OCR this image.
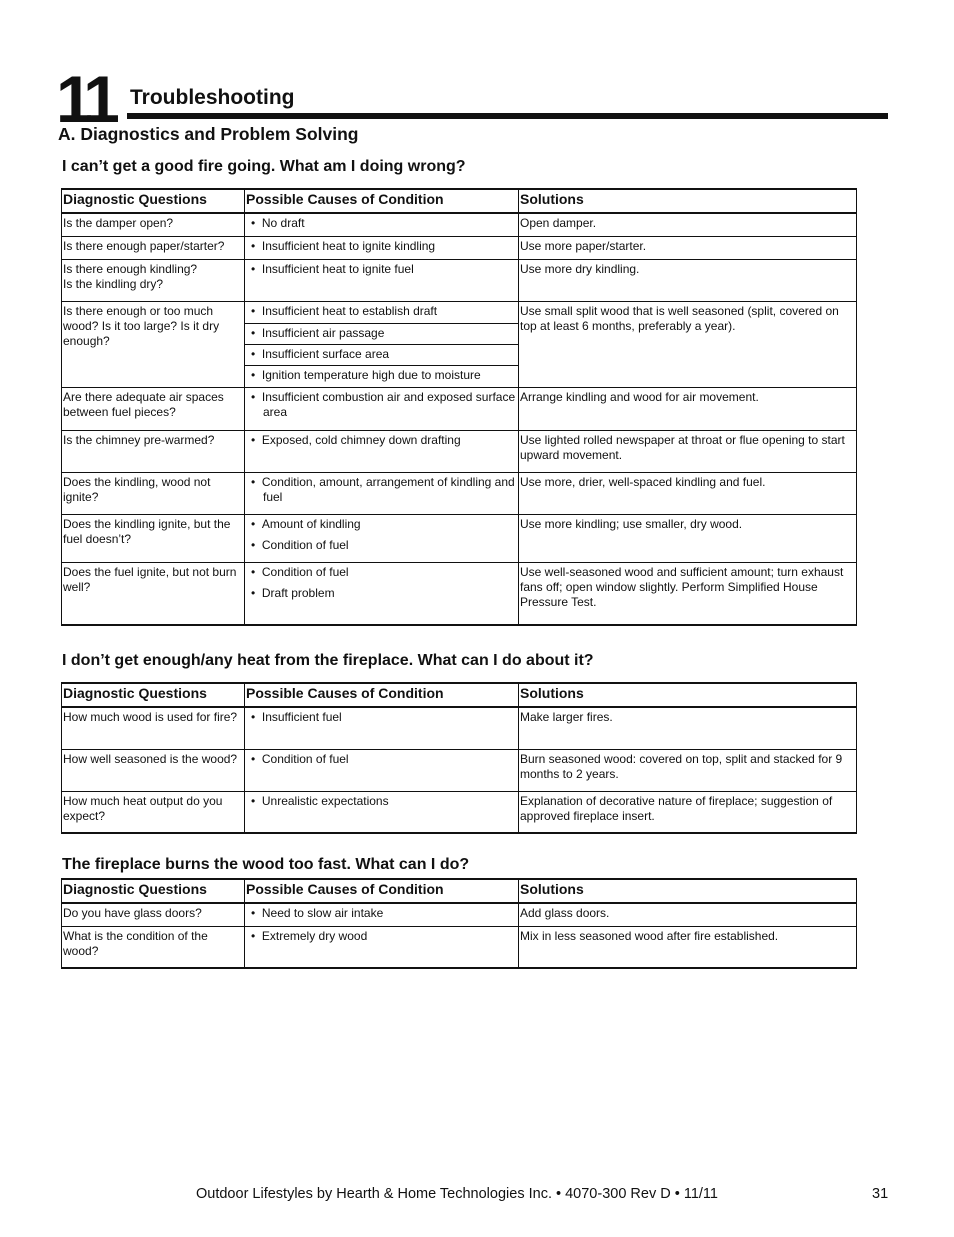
11 Troubleshooting
A. Diagnostics and Problem Solving
I can’t get a good fire going. What am I doing wrong?
Diagnostic Questions	Possible Causes of Condition	Solutions
Is the damper open?	•  No draft	Open damper.
Is there enough paper/starter?	•  Insufficient heat to ignite kindling	Use more paper/starter.
Is there enough kindling?
Is the kindling dry?	•  Insufficient heat to ignite fuel	Use more dry kindling.
Is there enough or too much wood? Is it too large? Is it dry enough?	•  Insufficient heat to establish draft	Use small split wood that is well seasoned (split, covered on top at least 6 months, preferably a year).

	•  Insufficient air passage

	•  Insufficient surface area

	•  Ignition temperature high due to moisture

Are there adequate air spaces between fuel pieces?	•  Insufficient combustion air and exposed surface area	Arrange kindling and wood for air movement.
Is the chimney pre-warmed?	•  Exposed, cold chimney down drafting	Use lighted rolled newspaper at throat or flue opening to start upward movement.
Does the kindling, wood not ignite?	•  Condition, amount, arrangement of kindling and fuel	Use more, drier, well-spaced kindling and fuel.
Does the kindling ignite, but the fuel doesn’t?	•  Amount of kindling
•  Condition of fuel	Use more kindling; use smaller, dry wood.
Does the fuel ignite, but not burn well?	•  Condition of fuel
•  Draft problem	Use well-seasoned wood and sufficient amount; turn exhaust fans off; open window slightly. Perform Simplified House Pressure Test.
I don’t get enough/any heat from the fireplace. What can I do about it?
Diagnostic Questions	Possible Causes of Condition	Solutions
How much wood is used for fire?	•  Insufficient fuel	Make larger fires.
How well seasoned is the wood?	•  Condition of fuel	Burn seasoned wood: covered on top, split and stacked for 9 months to 2 years.
How much heat output do you expect?	•  Unrealistic expectations	Explanation of decorative nature of fireplace; suggestion of approved fireplace insert.
The fireplace burns the wood too fast. What can I do?
Diagnostic Questions	Possible Causes of Condition	Solutions
Do you have glass doors?	•  Need to slow air intake	Add glass doors.
What is the condition of the wood?	•  Extremely dry wood	Mix in less seasoned wood after fire established.
Outdoor Lifestyles by Hearth & Home Technologies Inc. • 4070-300 Rev D • 11/11	31
